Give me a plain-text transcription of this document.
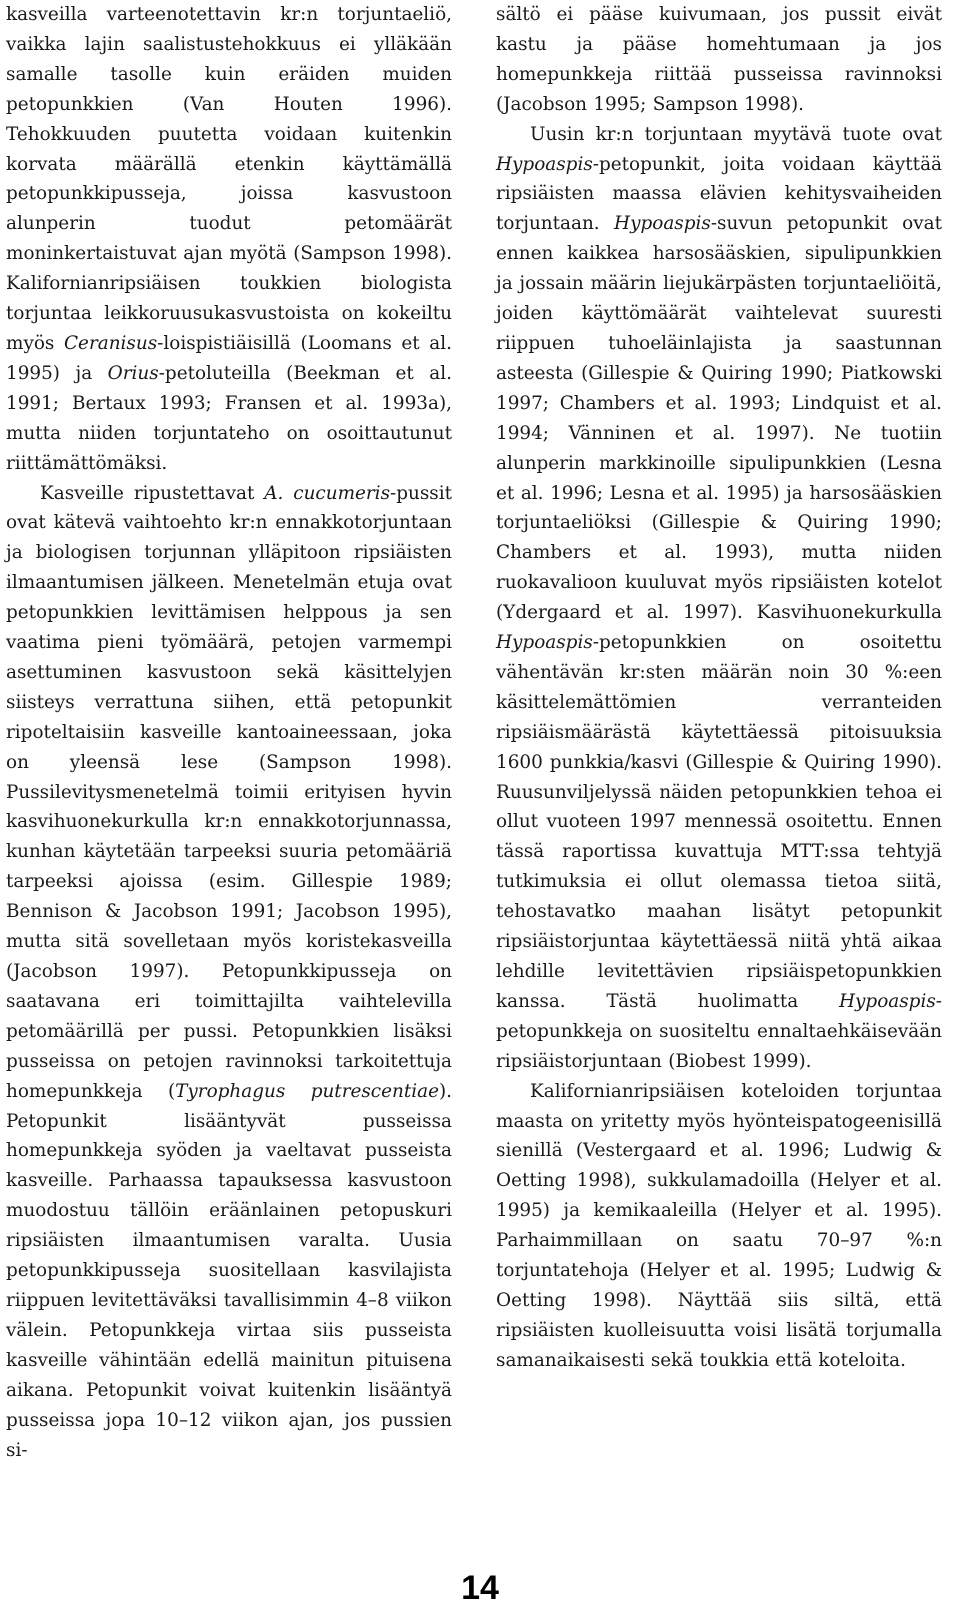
kasveilla varteenotettavin kr:n torjuntaeliö, vaikka lajin saalistustehokkuus ei ylläkään samalle tasolle kuin eräiden muiden petopunkkien (Van Houten 1996). Tehokkuuden puutetta voidaan kuitenkin korvata määrällä etenkin käyttämällä petopunkkipusseja, joissa kasvustoon alunperin tuodut petomäärät moninkertaistuvat ajan myötä (Sampson 1998). Kalifornianripsiäisen toukkien biologista torjuntaa leikkoruusukasvustoista on kokeiltu myös Ceranisus-loispistiäisillä (Loomans et al. 1995) ja Orius-petoluteilla (Beekman et al. 1991; Bertaux 1993; Fransen et al. 1993a), mutta niiden torjuntateho on osoittautunut riittämättömäksi.

Kasveille ripustettavat A. cucumeris-pussit ovat kätevä vaihtoehto kr:n ennakkotorjuntaan ja biologisen torjunnan ylläpitoon ripsiäisten ilmaantumisen jälkeen. Menetelmän etuja ovat petopunkkien levittämisen helppous ja sen vaatima pieni työmäärä, petojen varmempi asettuminen kasvustoon sekä käsittelyjen siisteys verrattuna siihen, että petopunkit ripoteltaisiin kasveille kantoaineessaan, joka on yleensä lese (Sampson 1998). Pussilevitysmenetelmä toimii erityisen hyvin kasvihuonekurkulla kr:n ennakkotorjunnassa, kunhan käytetään tarpeeksi suuria petomääriä tarpeeksi ajoissa (esim. Gillespie 1989; Bennison & Jacobson 1991; Jacobson 1995), mutta sitä sovelletaan myös koristekasveilla (Jacobson 1997). Petopunkkipusseja on saatavana eri toimittajilta vaihtelevilla petomäärillä per pussi. Petopunkkien lisäksi pusseissa on petojen ravinnoksi tarkoitettuja homepunkkeja (Tyrophagus putrescentiae). Petopunkit lisääntyvät pusseissa homepunkkeja syöden ja vaeltavat pusseista kasveille. Parhaassa tapauksessa kasvustoon muodostuu tällöin eräänlainen petopuskuri ripsiäisten ilmaantumisen varalta. Uusia petopunkkipusseja suositellaan kasvilajista riippuen levitettäväksi tavallisimmin 4–8 viikon välein. Petopunkkeja virtaa siis pusseista kasveille vähintään edellä mainitun pituisena aikana. Petopunkit voivat kuitenkin lisääntyä pusseissa jopa 10–12 viikon ajan, jos pussien si-

sältö ei pääse kuivumaan, jos pussit eivät kastu ja pääse homehtumaan ja jos homepunkkeja riittää pusseissa ravinnoksi (Jacobson 1995; Sampson 1998).

Uusin kr:n torjuntaan myytävä tuote ovat Hypoaspis-petopunkit, joita voidaan käyttää ripsiäisten maassa elävien kehitysvaiheiden torjuntaan. Hypoaspis-suvun petopunkit ovat ennen kaikkea harsosääskien, sipulipunkkien ja jossain määrin liejukärpästen torjuntaeliöitä, joiden käyttömäärät vaihtelevat suuresti riippuen tuhoeläinlajista ja saastunnan asteesta (Gillespie & Quiring 1990; Piatkowski 1997; Chambers et al. 1993; Lindquist et al. 1994; Vänninen et al. 1997). Ne tuotiin alunperin markkinoille sipulipunkkien (Lesna et al. 1996; Lesna et al. 1995) ja harsosääskien torjuntaeliöksi (Gillespie & Quiring 1990; Chambers et al. 1993), mutta niiden ruokavalioon kuuluvat myös ripsiäisten kotelot (Ydergaard et al. 1997). Kasvihuonekurkulla Hypoaspis-petopunkkien on osoitettu vähentävän kr:sten määrän noin 30 %:een käsittelemättömien verranteiden ripsiäismäärästä käytettäessä pitoisuuksia 1600 punkkia/kasvi (Gillespie & Quiring 1990). Ruusunviljelyssä näiden petopunkkien tehoa ei ollut vuoteen 1997 mennessä osoitettu. Ennen tässä raportissa kuvattuja MTT:ssa tehtyjä tutkimuksia ei ollut olemassa tietoa siitä, tehostavatko maahan lisätyt petopunkit ripsiäistorjuntaa käytettäessä niitä yhtä aikaa lehdille levitettävien ripsiäispetopunkkien kanssa. Tästä huolimatta Hypoaspis-petopunkkeja on suositeltu ennaltaehkäisevään ripsiäistorjuntaan (Biobest 1999).

Kalifornianripsiäisen koteloiden torjuntaa maasta on yritetty myös hyönteispatogeenisillä sienillä (Vestergaard et al. 1996; Ludwig & Oetting 1998), sukkulamadoilla (Helyer et al. 1995) ja kemikaaleilla (Helyer et al. 1995). Parhaimmillaan on saatu 70–97 %:n torjuntatehoja (Helyer et al. 1995; Ludwig & Oetting 1998). Näyttää siis siltä, että ripsiäisten kuolleisuutta voisi lisätä torjumalla samanaikaisesti sekä toukkia että koteloita.

14
